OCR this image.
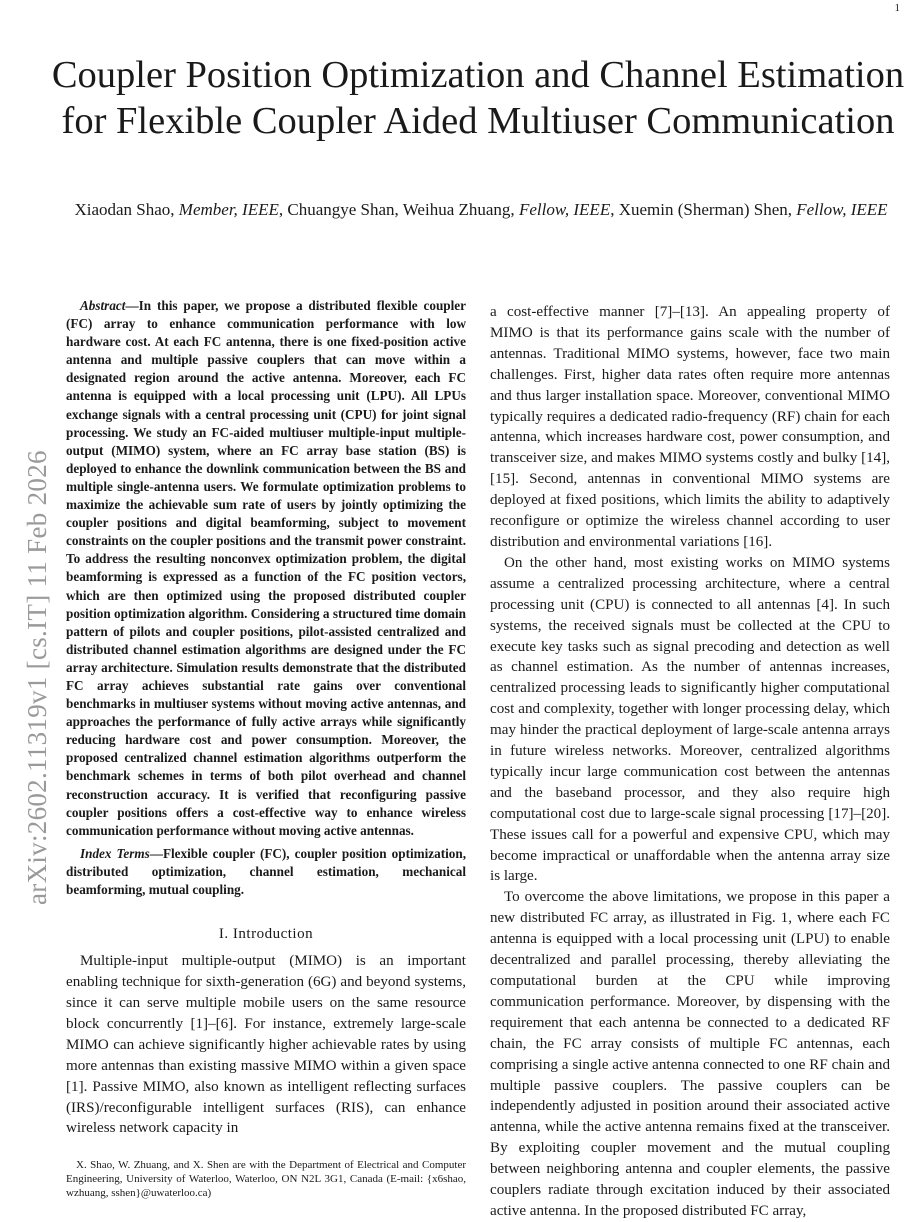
1
arXiv:2602.11319v1 [cs.IT] 11 Feb 2026
Coupler Position Optimization and Channel Estimation for Flexible Coupler Aided Multiuser Communication
Xiaodan Shao, Member, IEEE, Chuangye Shan, Weihua Zhuang, Fellow, IEEE, Xuemin (Sherman) Shen, Fellow, IEEE

Abstract—In this paper, we propose a distributed flexible coupler (FC) array to enhance communication performance with low hardware cost. At each FC antenna, there is one fixed-position active antenna and multiple passive couplers that can move within a designated region around the active antenna. Moreover, each FC antenna is equipped with a local processing unit (LPU). All LPUs exchange signals with a central processing unit (CPU) for joint signal processing. We study an FC-aided multiuser multiple-input multiple-output (MIMO) system, where an FC array base station (BS) is deployed to enhance the downlink communication between the BS and multiple single-antenna users. We formulate optimization problems to maximize the achievable sum rate of users by jointly optimizing the coupler positions and digital beamforming, subject to movement constraints on the coupler positions and the transmit power constraint. To address the resulting nonconvex optimization problem, the digital beamforming is expressed as a function of the FC position vectors, which are then optimized using the proposed distributed coupler position optimization algorithm. Considering a structured time domain pattern of pilots and coupler positions, pilot-assisted centralized and distributed channel estimation algorithms are designed under the FC array architecture. Simulation results demonstrate that the distributed FC array achieves substantial rate gains over conventional benchmarks in multiuser systems without moving active antennas, and approaches the performance of fully active arrays while significantly reducing hardware cost and power consumption. Moreover, the proposed centralized channel estimation algorithms outperform the benchmark schemes in terms of both pilot overhead and channel reconstruction accuracy. It is verified that reconfiguring passive coupler positions offers a cost-effective way to enhance wireless communication performance without moving active antennas.

Index Terms—Flexible coupler (FC), coupler position optimization, distributed optimization, channel estimation, mechanical beamforming, mutual coupling.

I. Introduction

Multiple-input multiple-output (MIMO) is an important enabling technique for sixth-generation (6G) and beyond systems, since it can serve multiple mobile users on the same resource block concurrently [1]–[6]. For instance, extremely large-scale MIMO can achieve significantly higher achievable rates by using more antennas than existing massive MIMO within a given space [1]. Passive MIMO, also known as intelligent reflecting surfaces (IRS)/reconfigurable intelligent surfaces (RIS), can enhance wireless network capacity in

a cost-effective manner [7]–[13]. An appealing property of MIMO is that its performance gains scale with the number of antennas. Traditional MIMO systems, however, face two main challenges. First, higher data rates often require more antennas and thus larger installation space. Moreover, conventional MIMO typically requires a dedicated radio-frequency (RF) chain for each antenna, which increases hardware cost, power consumption, and transceiver size, and makes MIMO systems costly and bulky [14], [15]. Second, antennas in conventional MIMO systems are deployed at fixed positions, which limits the ability to adaptively reconfigure or optimize the wireless channel according to user distribution and environmental variations [16].

On the other hand, most existing works on MIMO systems assume a centralized processing architecture, where a central processing unit (CPU) is connected to all antennas [4]. In such systems, the received signals must be collected at the CPU to execute key tasks such as signal precoding and detection as well as channel estimation. As the number of antennas increases, centralized processing leads to significantly higher computational cost and complexity, together with longer processing delay, which may hinder the practical deployment of large-scale antenna arrays in future wireless networks. Moreover, centralized algorithms typically incur large communication cost between the antennas and the baseband processor, and they also require high computational cost due to large-scale signal processing [17]–[20]. These issues call for a powerful and expensive CPU, which may become impractical or unaffordable when the antenna array size is large.

To overcome the above limitations, we propose in this paper a new distributed FC array, as illustrated in Fig. 1, where each FC antenna is equipped with a local processing unit (LPU) to enable decentralized and parallel processing, thereby alleviating the computational burden at the CPU while improving communication performance. Moreover, by dispensing with the requirement that each antenna be connected to a dedicated RF chain, the FC array consists of multiple FC antennas, each comprising a single active antenna connected to one RF chain and multiple passive couplers. The passive couplers can be independently adjusted in position around their associated active antenna, while the active antenna remains fixed at the transceiver. By exploiting coupler movement and the mutual coupling between neighboring antenna and coupler elements, the passive couplers radiate through excitation induced by their associated active antenna. In the proposed distributed FC array,

X. Shao, W. Zhuang, and X. Shen are with the Department of Electrical and Computer Engineering, University of Waterloo, Waterloo, ON N2L 3G1, Canada (E-mail: {x6shao, wzhuang, sshen}@uwaterloo.ca)
